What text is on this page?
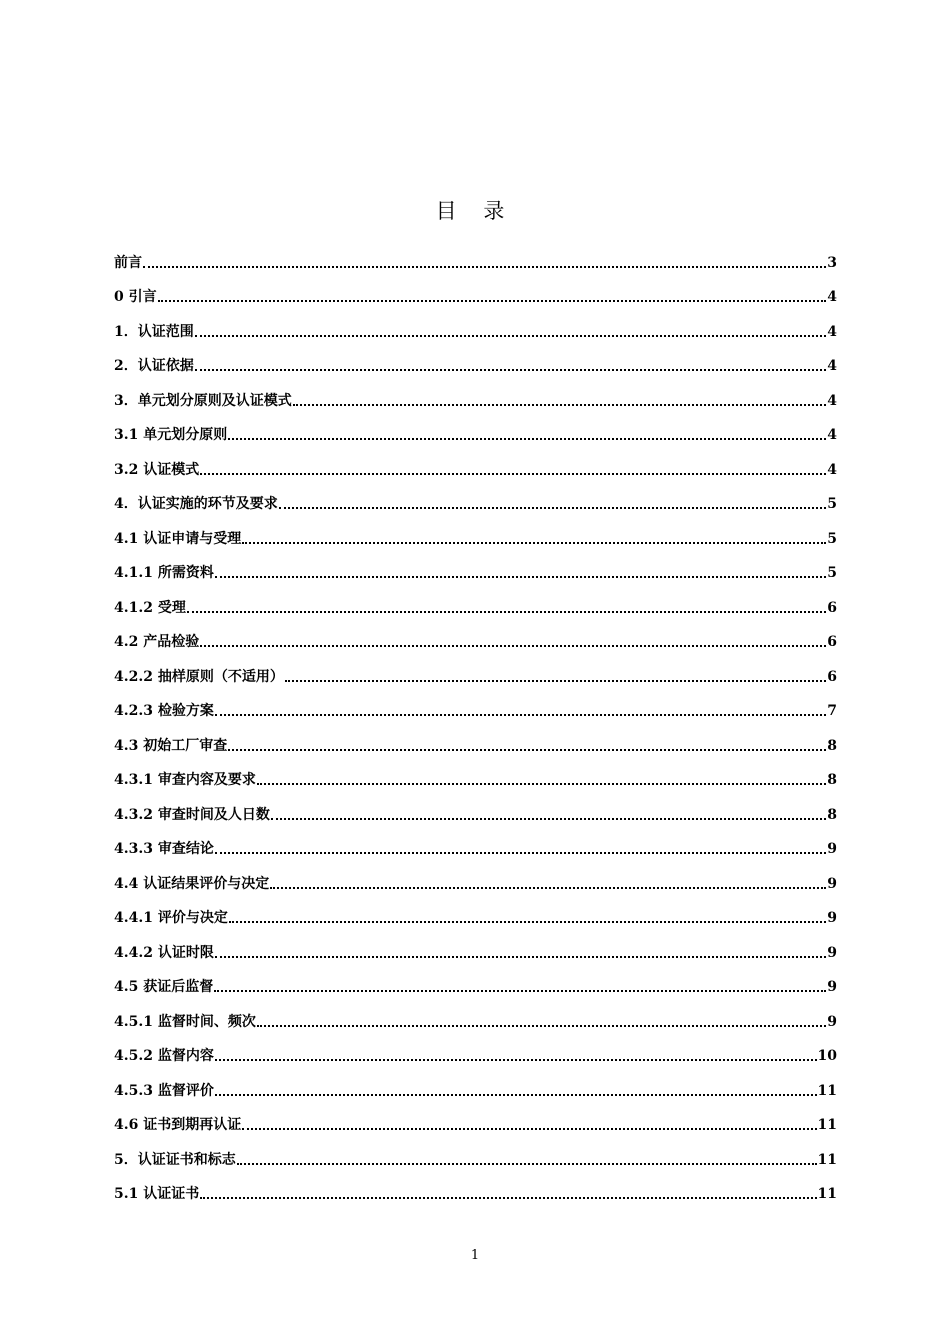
目 录
前言	3
0 引言	4
1．认证范围	4
2．认证依据	4
3．单元划分原则及认证模式	4
3.1 单元划分原则	4
3.2 认证模式	4
4．认证实施的环节及要求	5
4.1 认证申请与受理	5
4.1.1 所需资料	5
4.1.2 受理	6
4.2 产品检验	6
4.2.2 抽样原则（不适用）	6
4.2.3 检验方案	7
4.3 初始工厂审查	8
4.3.1 审查内容及要求	8
4.3.2 审查时间及人日数	8
4.3.3 审查结论	9
4.4 认证结果评价与决定	9
4.4.1 评价与决定	9
4.4.2 认证时限	9
4.5 获证后监督	9
4.5.1 监督时间、频次	9
4.5.2 监督内容	10
4.5.3 监督评价	11
4.6 证书到期再认证	11
5．认证证书和标志	11
5.1 认证证书	11
1
